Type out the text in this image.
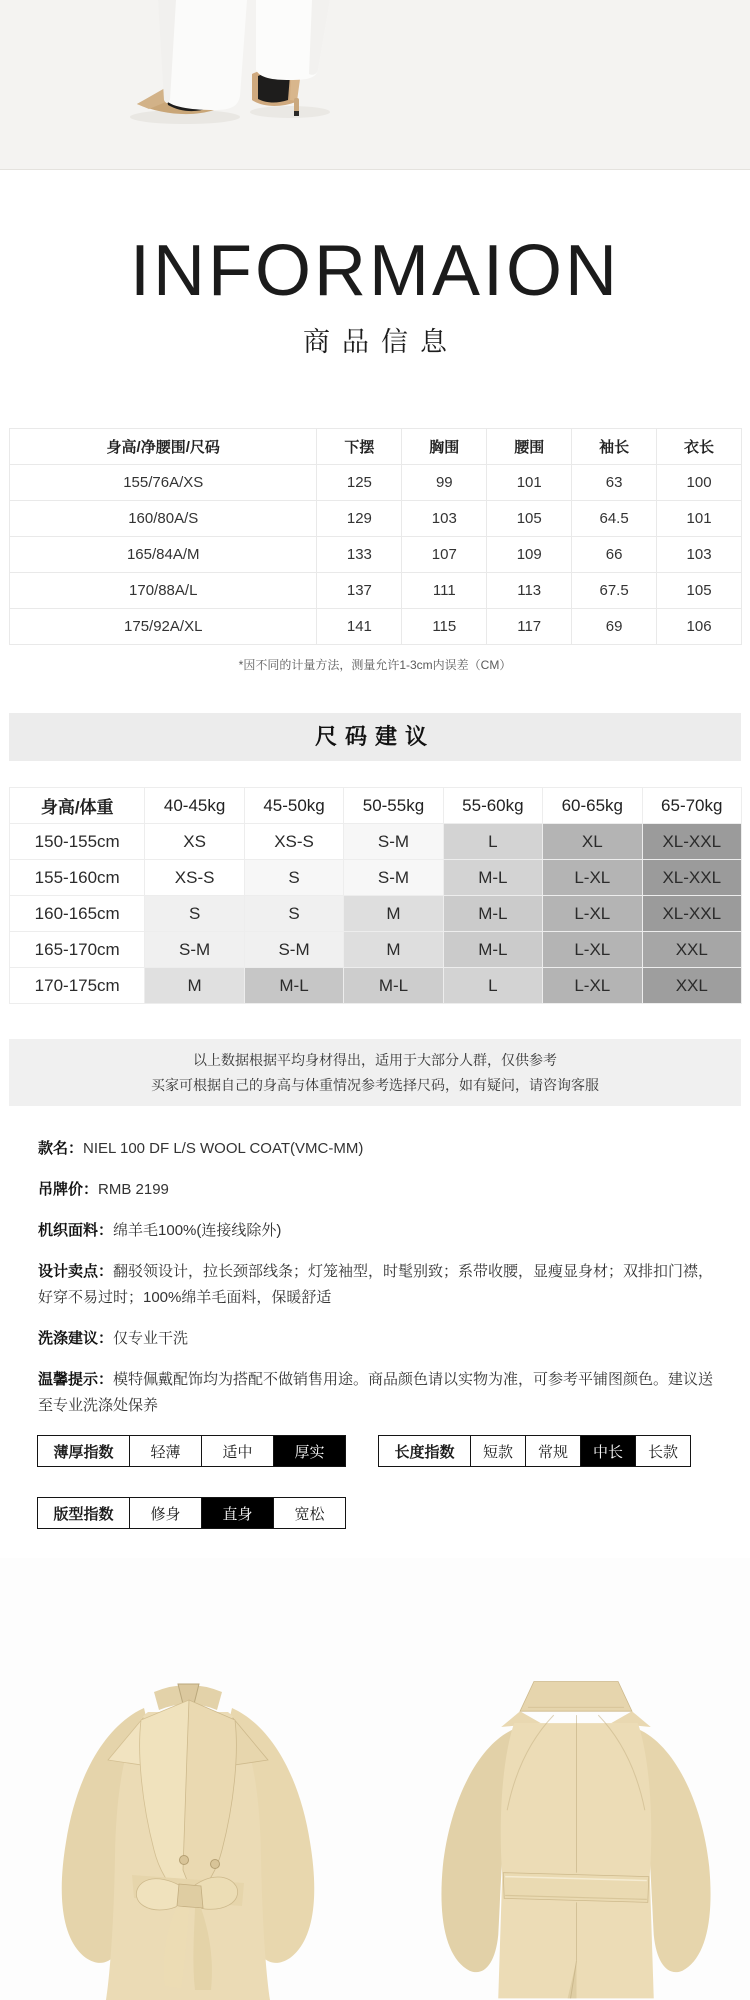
INFORMAION
商品信息
身高/净腰围/尺码	下摆	胸围	腰围	袖长	衣长
155/76A/XS	125	99	101	63	100
160/80A/S	129	103	105	64.5	101
165/84A/M	133	107	109	66	103
170/88A/L	137	111	113	67.5	105
175/92A/XL	141	115	117	69	106
*因不同的计量方法，测量允许1-3cm内误差（CM）
尺码建议
身高/体重	40-45kg	45-50kg	50-55kg	55-60kg	60-65kg	65-70kg
150-155cm	XS	XS-S	S-M	L	XL	XL-XXL
155-160cm	XS-S	S	S-M	M-L	L-XL	XL-XXL
160-165cm	S	S	M	M-L	L-XL	XL-XXL
165-170cm	S-M	S-M	M	M-L	L-XL	XXL
170-175cm	M	M-L	M-L	L	L-XL	XXL
以上数据根据平均身材得出，适用于大部分人群，仅供参考
买家可根据自己的身高与体重情况参考选择尺码，如有疑问，请咨询客服

款名：NIEL 100 DF L/S WOOL COAT(VMC-MM)

吊牌价：RMB 2199

机织面料：绵羊毛100%(连接线除外)

设计卖点：翻驳领设计，拉长颈部线条；灯笼袖型，时髦别致；系带收腰，显瘦显身材；双排扣门襟，好穿不易过时；100%绵羊毛面料，保暖舒适

洗涤建议：仅专业干洗

温馨提示：模特佩戴配饰均为搭配不做销售用途。商品颜色请以实物为准，可参考平铺图颜色。建议送至专业洗涤处保养

薄厚指数	轻薄	适中	厚实	长度指数	短款	常规	中长	长款
版型指数	修身	直身	宽松
